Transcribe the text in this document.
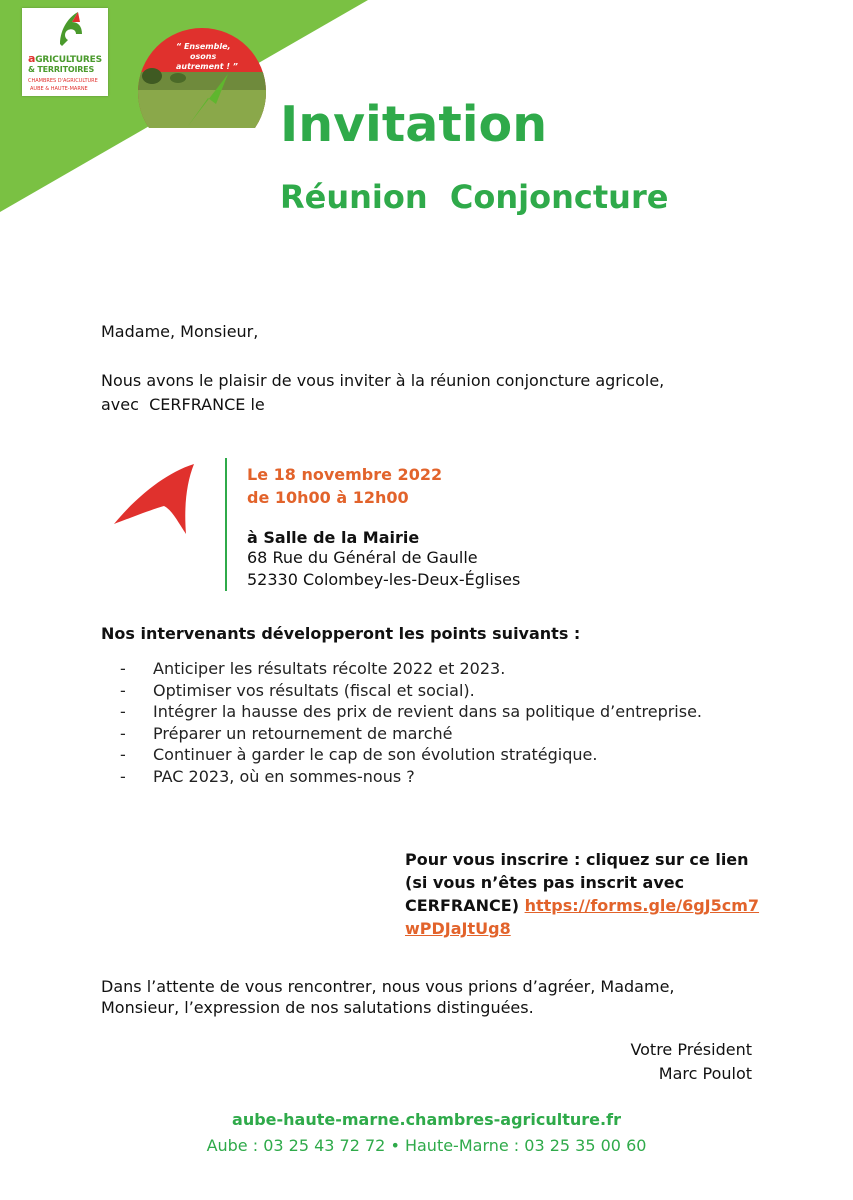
aGRICULTURES
& TERRITOIRES
CHAMBRES D'AGRICULTURE
AUBE & HAUTE-MARNE
“ Ensemble,
osons
autrement ! ”
Invitation
Réunion  Conjoncture
Madame, Monsieur,
Nous avons le plaisir de vous inviter à la réunion conjoncture agricole,
avec  CERFRANCE le
Le 18 novembre 2022
de 10h00 à 12h00
à Salle de la Mairie
68 Rue du Général de Gaulle
52330 Colombey-les-Deux-Églises
Nos intervenants développeront les points suivants :
- Anticiper les résultats récolte 2022 et 2023.
- Optimiser vos résultats (fiscal et social).
- Intégrer la hausse des prix de revient dans sa politique d’entreprise.
- Préparer un retournement de marché
- Continuer à garder le cap de son évolution stratégique.
- PAC 2023, où en sommes-nous ?
Pour vous inscrire : cliquez sur ce lien (si vous n’êtes pas inscrit avec CERFRANCE) https://forms.gle/6gJ5cm7wPDJaJtUg8
Dans l’attente de vous rencontrer, nous vous prions d’agréer, Madame,
Monsieur, l’expression de nos salutations distinguées.
Votre Président
Marc Poulot
aube-haute-marne.chambres-agriculture.fr
Aube : 03 25 43 72 72 • Haute-Marne : 03 25 35 00 60
